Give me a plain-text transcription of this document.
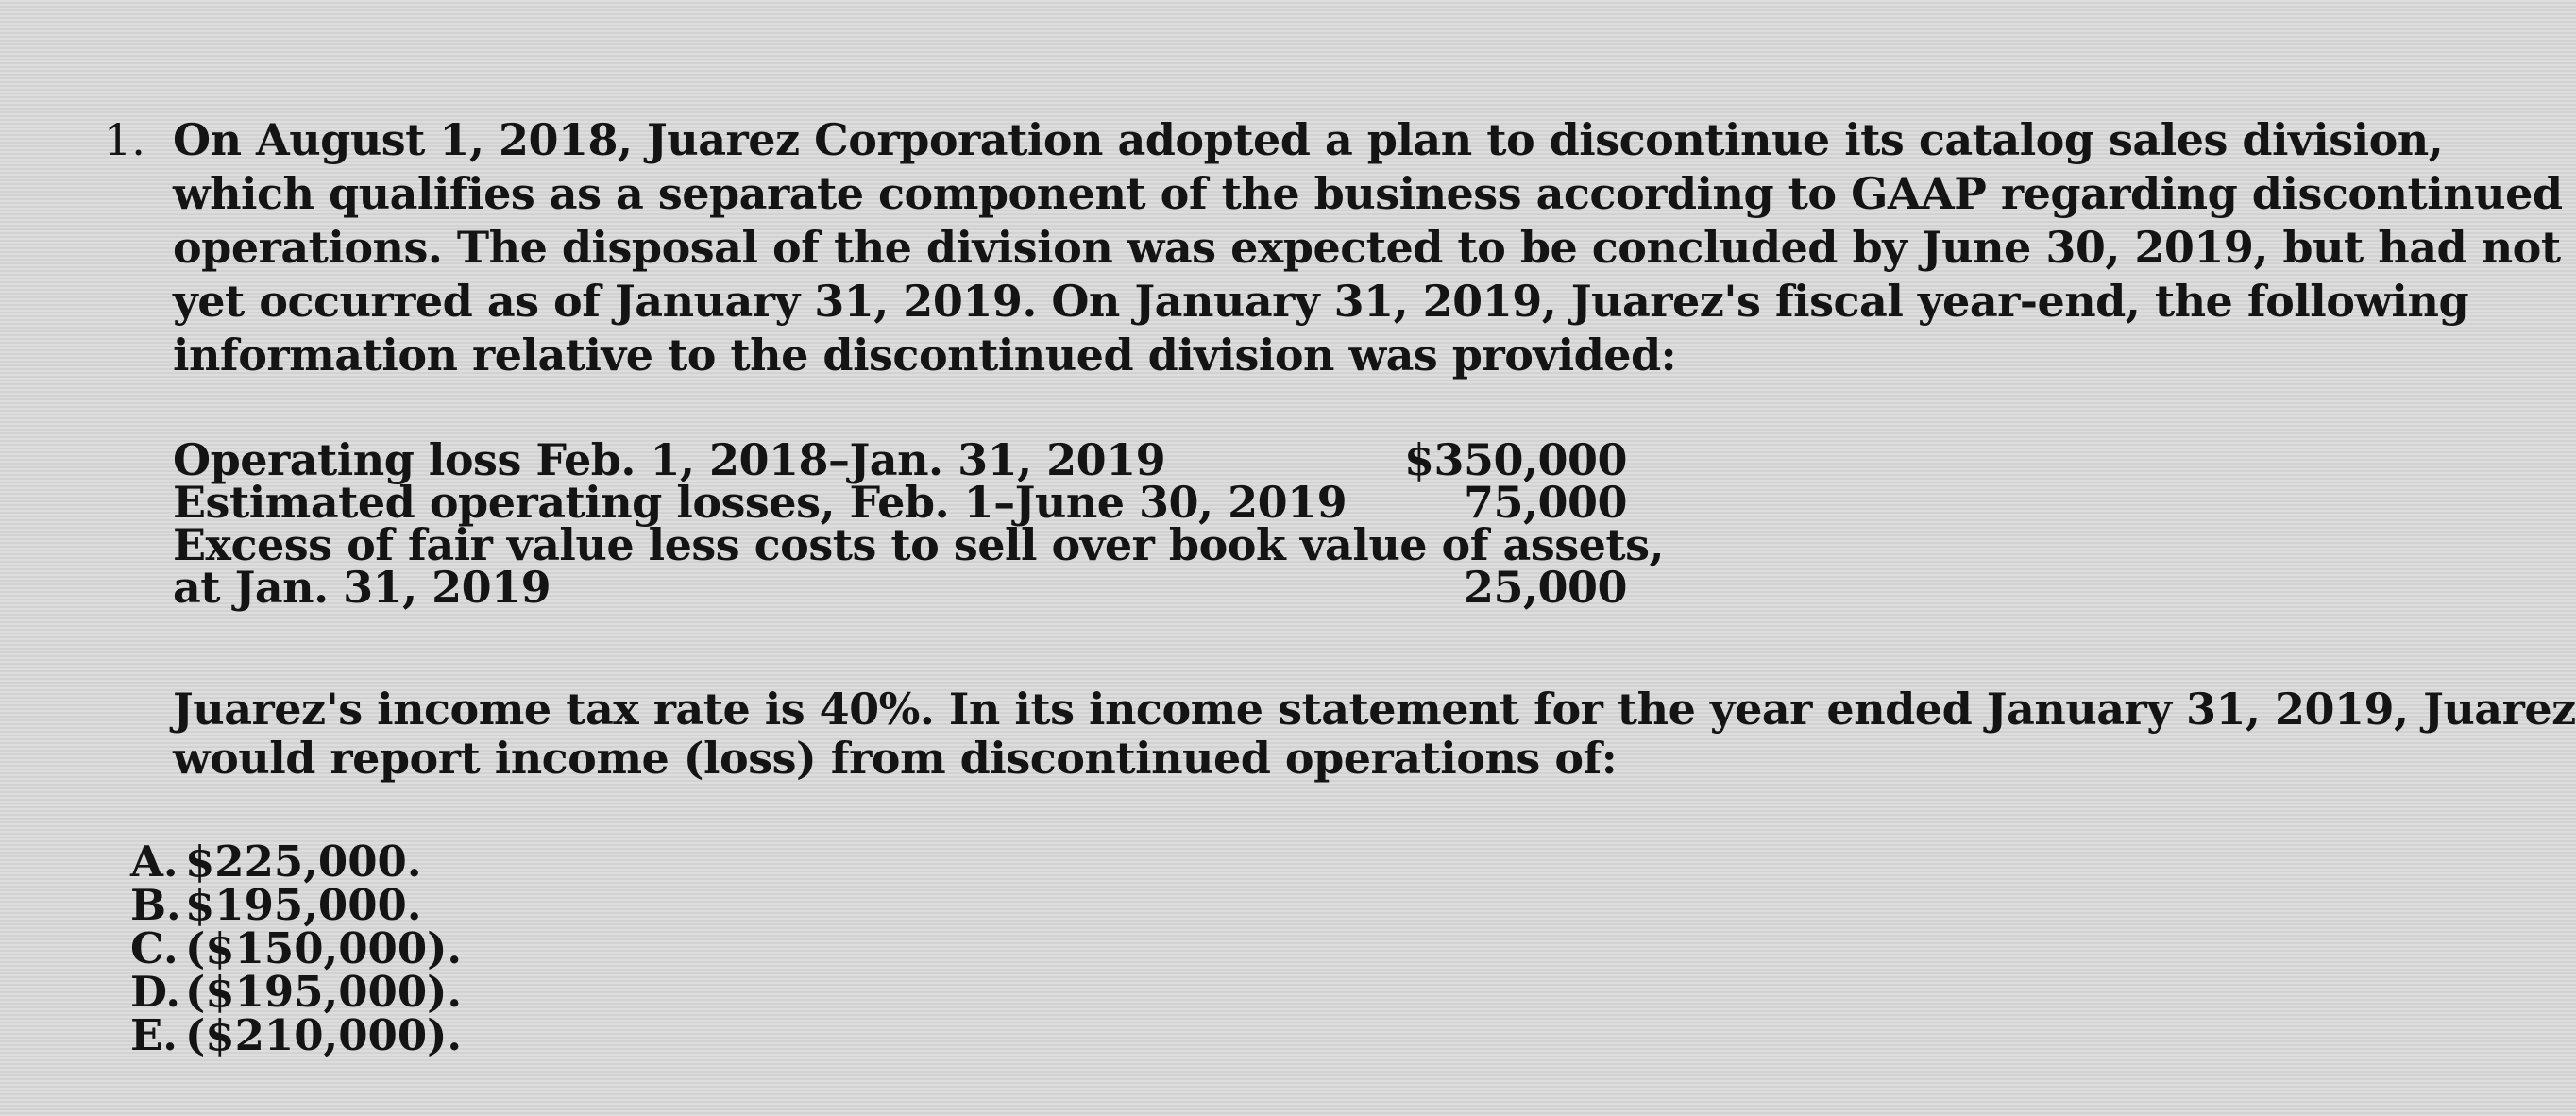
1. On August 1, 2018, Juarez Corporation adopted a plan to discontinue its catalog sales division,
which qualifies as a separate component of the business according to GAAP regarding discontinued
operations. The disposal of the division was expected to be concluded by June 30, 2019, but had not
yet occurred as of January 31, 2019. On January 31, 2019, Juarez's fiscal year-end, the following
information relative to the discontinued division was provided:
Operating loss Feb. 1, 2018–Jan. 31, 2019	$350,000
Estimated operating losses, Feb. 1–June 30, 2019	75,000
Excess of fair value less costs to sell over book value of assets,
at Jan. 31, 2019	25,000
Juarez's income tax rate is 40%. In its income statement for the year ended January 31, 2019, Juarez
would report income (loss) from discontinued operations of:
A. $225,000.
B.$195,000.
C. ($150,000).
D. ($195,000).
E. ($210,000).
